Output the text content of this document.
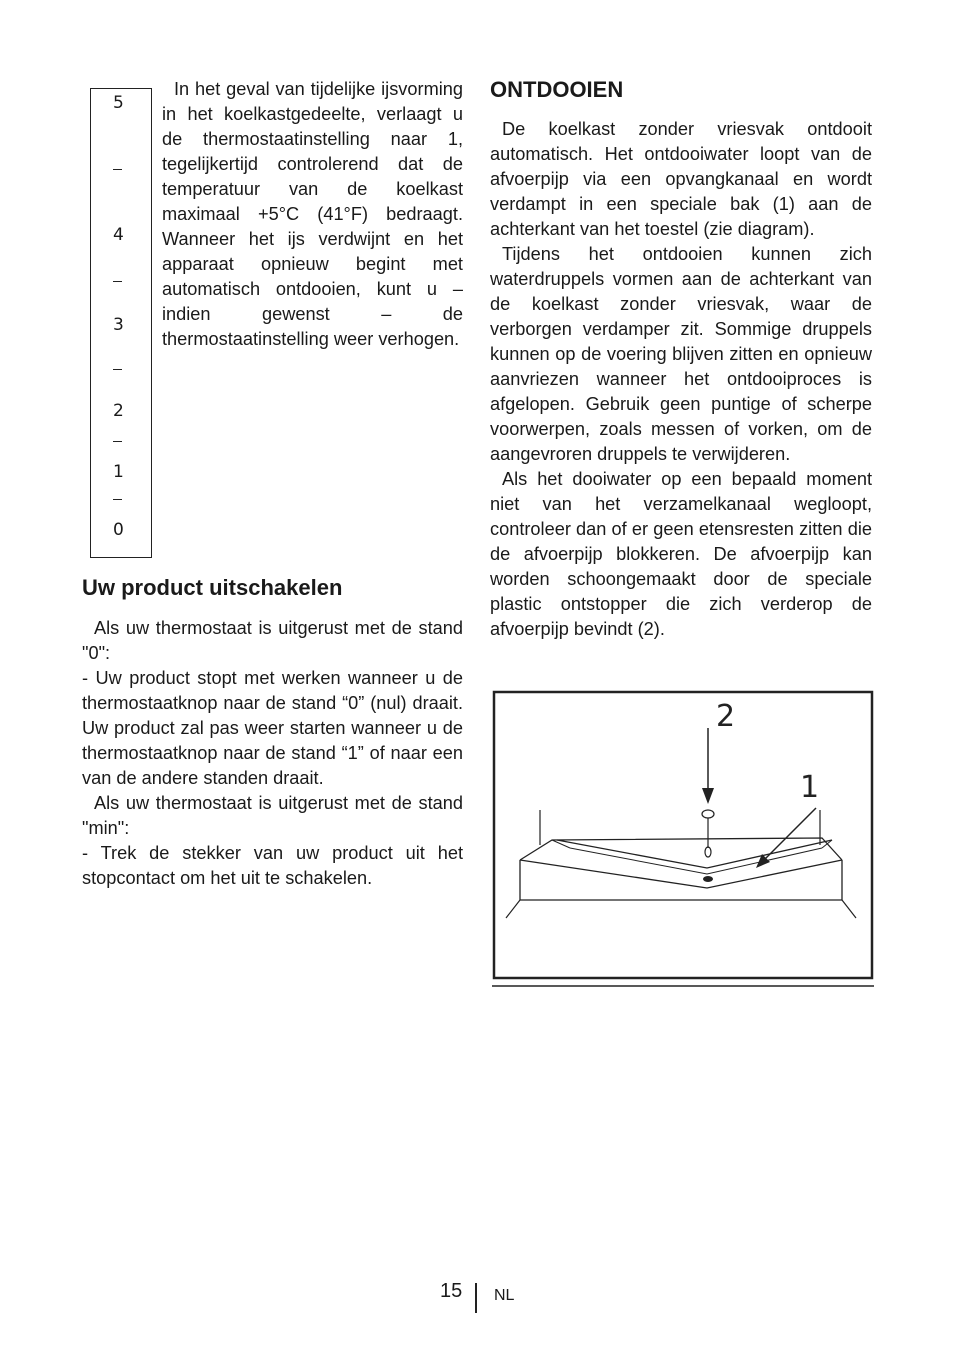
5
4
3
2
1
0

In het geval van tijdelijke ijsvorming in het koelkastgedeelte, verlaagt u de thermostaatinstelling naar 1, tegelijkertijd controlerend dat de temperatuur van de koelkast maximaal +5°C (41°F) bedraagt. Wanneer het ijs verdwijnt en het apparaat opnieuw begint met automatisch ontdooien, kunt u – indien gewenst – de thermostaatinstelling weer verhogen.

Uw product uitschakelen

Als uw thermostaat is uitgerust met de stand "0":

- Uw product stopt met werken wanneer u de thermostaatknop naar de stand “0” (nul) draait. Uw product zal pas weer starten wanneer u de thermostaatknop naar de stand “1” of naar een van de andere standen draait.

Als uw thermostaat is uitgerust met de stand "min":

- Trek de stekker van uw product uit het stopcontact om het uit te schakelen.

ONTDOOIEN

De koelkast zonder vriesvak ontdooit automatisch. Het ontdooiwater loopt van de afvoerpijp via een opvangkanaal en wordt verdampt in een speciale bak (1) aan de achterkant van het toestel (zie diagram).

Tijdens het ontdooien kunnen zich waterdruppels vormen aan de achterkant van de koelkast zonder vriesvak, waar de verborgen verdamper zit. Sommige druppels kunnen op de voering blijven zitten en opnieuw aanvriezen wanneer het ontdooiproces is afgelopen. Gebruik geen puntige of scherpe voorwerpen, zoals messen of vorken, om de aangevroren druppels te verwijderen.

Als het dooiwater op een bepaald moment niet van het verzamelkanaal wegloopt, controleer dan of er geen etensresten zitten die de afvoerpijp blokkeren. De afvoerpijp kan worden schoongemaakt door de speciale plastic ontstopper die zich verderop de afvoerpijp bevindt (2).

2
1
15 NL
